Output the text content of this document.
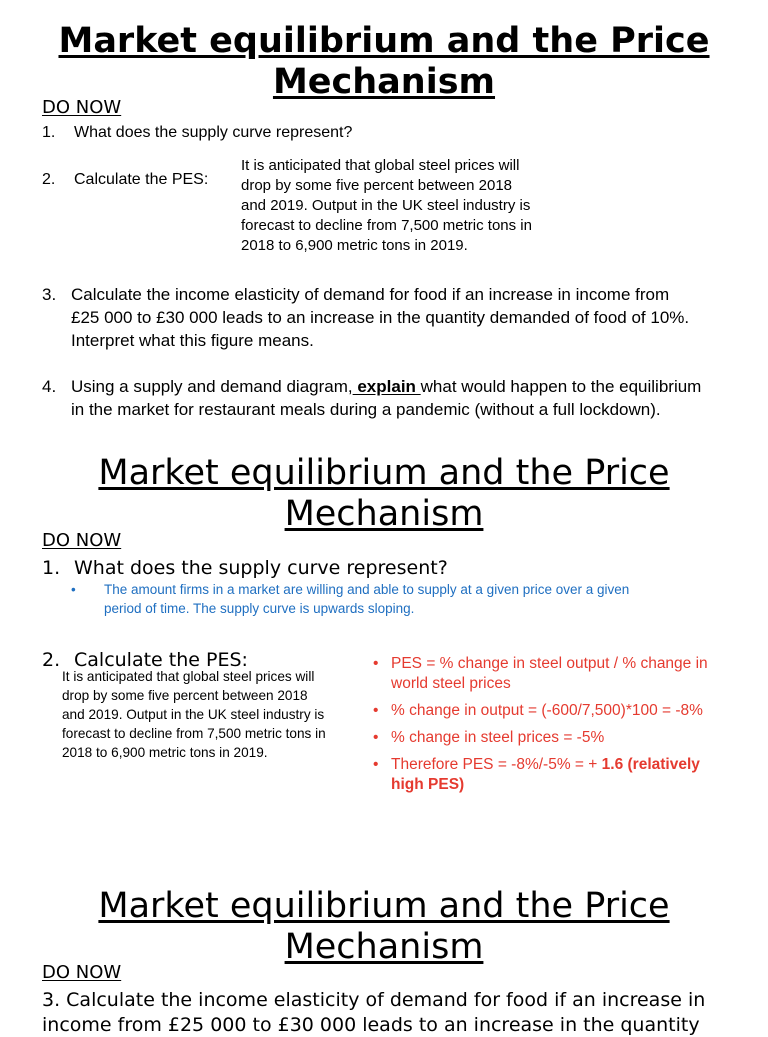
Market equilibrium and the Price
Mechanism
DO NOW
1. What does the supply curve represent?
2. Calculate the PES:
It is anticipated that global steel prices will
drop by some five percent between 2018
and 2019. Output in the UK steel industry is
forecast to decline from 7,500 metric tons in
2018 to 6,900 metric tons in 2019.
3. Calculate the income elasticity of demand for food if an increase in income from
£25 000 to £30 000 leads to an increase in the quantity demanded of food of 10%.
Interpret what this figure means.
4. Using a supply and demand diagram, explain what would happen to the equilibrium
in the market for restaurant meals during a pandemic (without a full lockdown).
Market equilibrium and the Price
Mechanism
DO NOW
1. What does the supply curve represent?
• The amount firms in a market are willing and able to supply at a given price over a given
period of time. The supply curve is upwards sloping.
2. Calculate the PES:
It is anticipated that global steel prices will
drop by some five percent between 2018
and 2019. Output in the UK steel industry is
forecast to decline from 7,500 metric tons in
2018 to 6,900 metric tons in 2019.
• PES = % change in steel output / % change in
world steel prices
• % change in output = (-600/7,500)*100 = -8%
• % change in steel prices = -5%
• Therefore PES = -8%/-5% = + 1.6 (relatively
high PES)
Market equilibrium and the Price
Mechanism
DO NOW
3. Calculate the income elasticity of demand for food if an increase in
income from £25 000 to £30 000 leads to an increase in the quantity
